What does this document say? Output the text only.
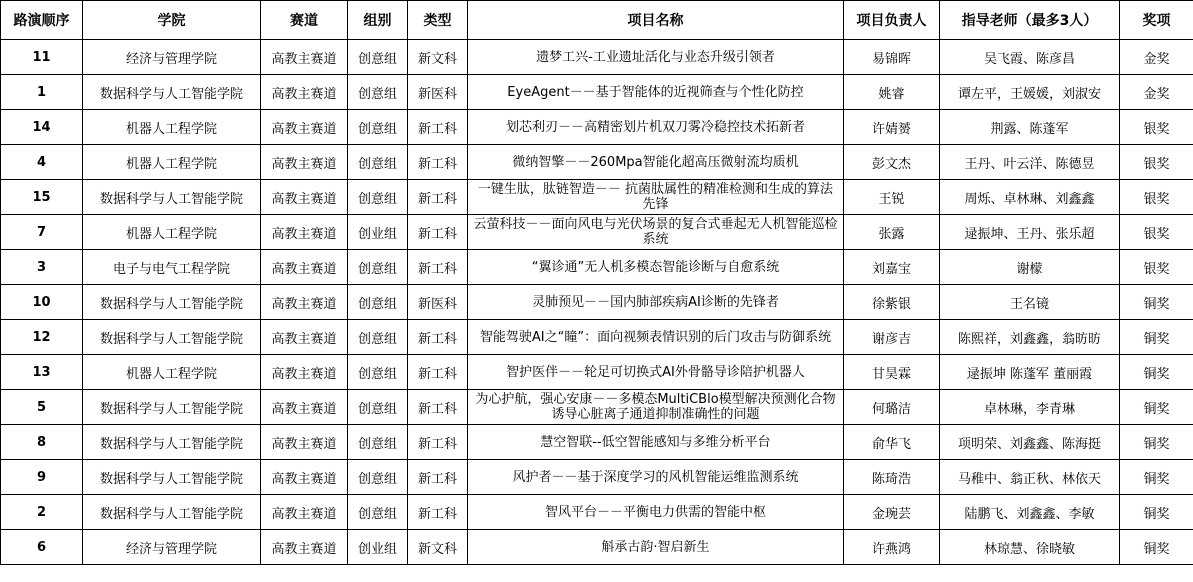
路演顺序	学院	赛道	组别	类型	项目名称	项目负责人	指导老师（最多3人）	奖项
11	经济与管理学院	高教主赛道	创意组	新文科	遗梦工兴-工业遗址活化与业态升级引领者	易锦晖	吴飞霞、陈彦昌	金奖
1	数据科学与人工智能学院	高教主赛道	创意组	新医科	EyeAgent－－基于智能体的近视筛查与个性化防控	姚睿	谭左平，王媛媛，刘淑安	金奖
14	机器人工程学院	高教主赛道	创意组	新工科	划芯利刃－－高精密划片机双刀雾冷稳控技术拓新者	许婧赟	荆露、陈蓬军	银奖
4	机器人工程学院	高教主赛道	创意组	新工科	微纳智擎－－260Mpa智能化超高压微射流均质机	彭文杰	王丹、叶云洋、陈德昱	银奖
15	数据科学与人工智能学院	高教主赛道	创意组	新工科	一键生肽，肽链智造－－ 抗菌肽属性的精准检测和生成的算法先锋	王锐	周烁、卓林琳、刘鑫鑫	银奖
7	机器人工程学院	高教主赛道	创业组	新工科	云萤科技－－面向风电与光伏场景的复合式垂起无人机智能巡检系统	张露	逯振坤、王丹、张乐超	银奖
3	电子与电气工程学院	高教主赛道	创意组	新工科	“翼诊通”无人机多模态智能诊断与自愈系统	刘嘉宝	谢檬	银奖
10	数据科学与人工智能学院	高教主赛道	创意组	新医科	灵肺预见－－国内肺部疾病AI诊断的先锋者	徐紫银	王名镜	铜奖
12	数据科学与人工智能学院	高教主赛道	创意组	新工科	智能驾驶AI之“瞳”：面向视频表情识别的后门攻击与防御系统	谢彦吉	陈熙祥，刘鑫鑫，翁昉昉	铜奖
13	机器人工程学院	高教主赛道	创意组	新工科	智护医伴－－轮足可切换式AI外骨骼导诊陪护机器人	甘昊霖	逯振坤 陈蓬军 董丽霞	铜奖
5	数据科学与人工智能学院	高教主赛道	创意组	新工科	为心护航，强心安康－－多模态MultiCBlo模型解决预测化合物诱导心脏离子通道抑制准确性的问题	何璐洁	卓林琳，李青琳	铜奖
8	数据科学与人工智能学院	高教主赛道	创意组	新工科	慧空智联--低空智能感知与多维分析平台	俞华飞	项明荣、刘鑫鑫、陈海挺	铜奖
9	数据科学与人工智能学院	高教主赛道	创意组	新工科	风护者－－基于深度学习的风机智能运维监测系统	陈琦浩	马稚中、翁正秋、林依天	铜奖
2	数据科学与人工智能学院	高教主赛道	创意组	新工科	智风平台－－平衡电力供需的智能中枢	金琬芸	陆鹏飞、刘鑫鑫、李敏	铜奖
6	经济与管理学院	高教主赛道	创业组	新文科	斛承古韵·智启新生	许燕鸿	林琼慧、徐晓敏	铜奖
